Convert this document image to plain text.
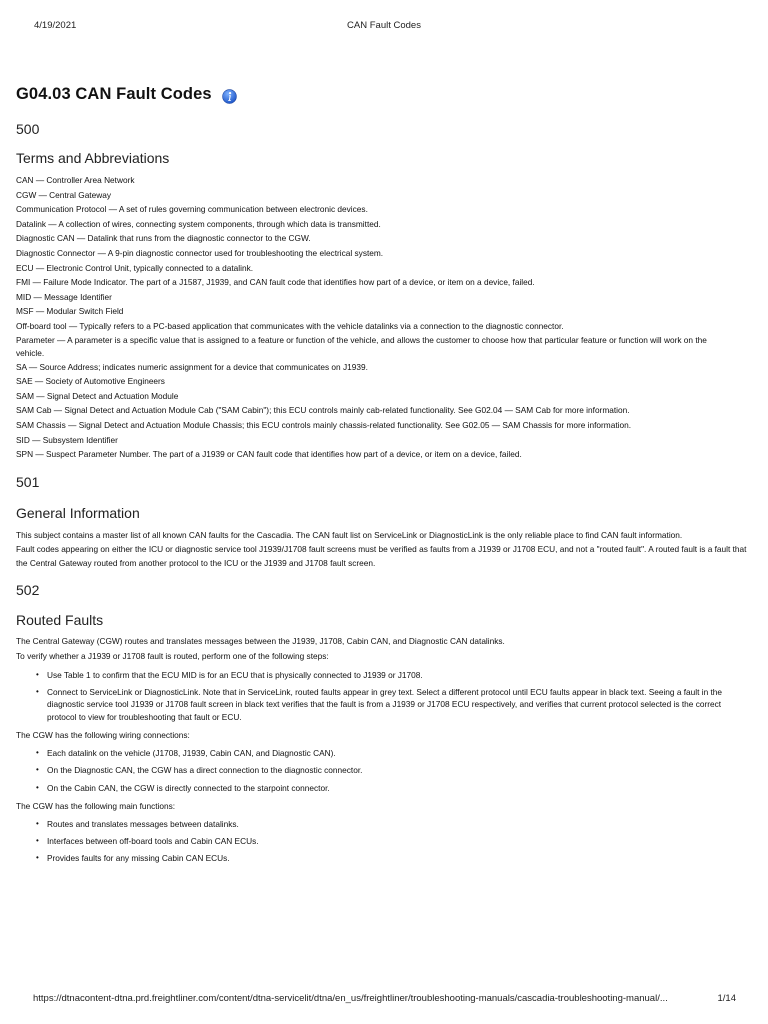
4/19/2021	CAN Fault Codes
G04.03 CAN Fault Codes
500
Terms and Abbreviations
CAN — Controller Area Network
CGW — Central Gateway
Communication Protocol — A set of rules governing communication between electronic devices.
Datalink — A collection of wires, connecting system components, through which data is transmitted.
Diagnostic CAN — Datalink that runs from the diagnostic connector to the CGW.
Diagnostic Connector — A 9-pin diagnostic connector used for troubleshooting the electrical system.
ECU — Electronic Control Unit, typically connected to a datalink.
FMI — Failure Mode Indicator. The part of a J1587, J1939, and CAN fault code that identifies how part of a device, or item on a device, failed.
MID — Message Identifier
MSF — Modular Switch Field
Off-board tool — Typically refers to a PC-based application that communicates with the vehicle datalinks via a connection to the diagnostic connector.
Parameter — A parameter is a specific value that is assigned to a feature or function of the vehicle, and allows the customer to choose how that particular feature or function will work on the
vehicle.
SA — Source Address; indicates numeric assignment for a device that communicates on J1939.
SAE — Society of Automotive Engineers
SAM — Signal Detect and Actuation Module
SAM Cab — Signal Detect and Actuation Module Cab ("SAM Cabin"); this ECU controls mainly cab-related functionality. See G02.04 — SAM Cab for more information.
SAM Chassis — Signal Detect and Actuation Module Chassis; this ECU controls mainly chassis-related functionality. See G02.05 — SAM Chassis for more information.
SID — Subsystem Identifier
SPN — Suspect Parameter Number. The part of a J1939 or CAN fault code that identifies how part of a device, or item on a device, failed.
501
General Information

This subject contains a master list of all known CAN faults for the Cascadia. The CAN fault list on ServiceLink or DiagnosticLink is the only reliable place to find CAN fault information.

Fault codes appearing on either the ICU or diagnostic service tool J1939/J1708 fault screens must be verified as faults from a J1939 or J1708 ECU, and not a "routed fault". A routed fault is a fault that the Central Gateway routed from another protocol to the ICU or the J1939 and J1708 fault screen.

502
Routed Faults

The Central Gateway (CGW) routes and translates messages between the J1939, J1708, Cabin CAN, and Diagnostic CAN datalinks.

To verify whether a J1939 or J1708 fault is routed, perform one of the following steps:

• Use Table 1 to confirm that the ECU MID is for an ECU that is physically connected to J1939 or J1708.
• Connect to ServiceLink or DiagnosticLink. Note that in ServiceLink, routed faults appear in grey text. Select a different protocol until ECU faults appear in black text. Seeing a fault in the diagnostic service tool J1939 or J1708 fault screen in black text verifies that the fault is from a J1939 or J1708 ECU respectively, and verifies that current protocol selected is the correct protocol to view for troubleshooting that fault or ECU.

The CGW has the following wiring connections:

• Each datalink on the vehicle (J1708, J1939, Cabin CAN, and Diagnostic CAN).
• On the Diagnostic CAN, the CGW has a direct connection to the diagnostic connector.
• On the Cabin CAN, the CGW is directly connected to the starpoint connector.

The CGW has the following main functions:

• Routes and translates messages between datalinks.
• Interfaces between off-board tools and Cabin CAN ECUs.
• Provides faults for any missing Cabin CAN ECUs.
https://dtnacontent-dtna.prd.freightliner.com/content/dtna-servicelit/dtna/en_us/freightliner/troubleshooting-manuals/cascadia-troubleshooting-manual/...	1/14
